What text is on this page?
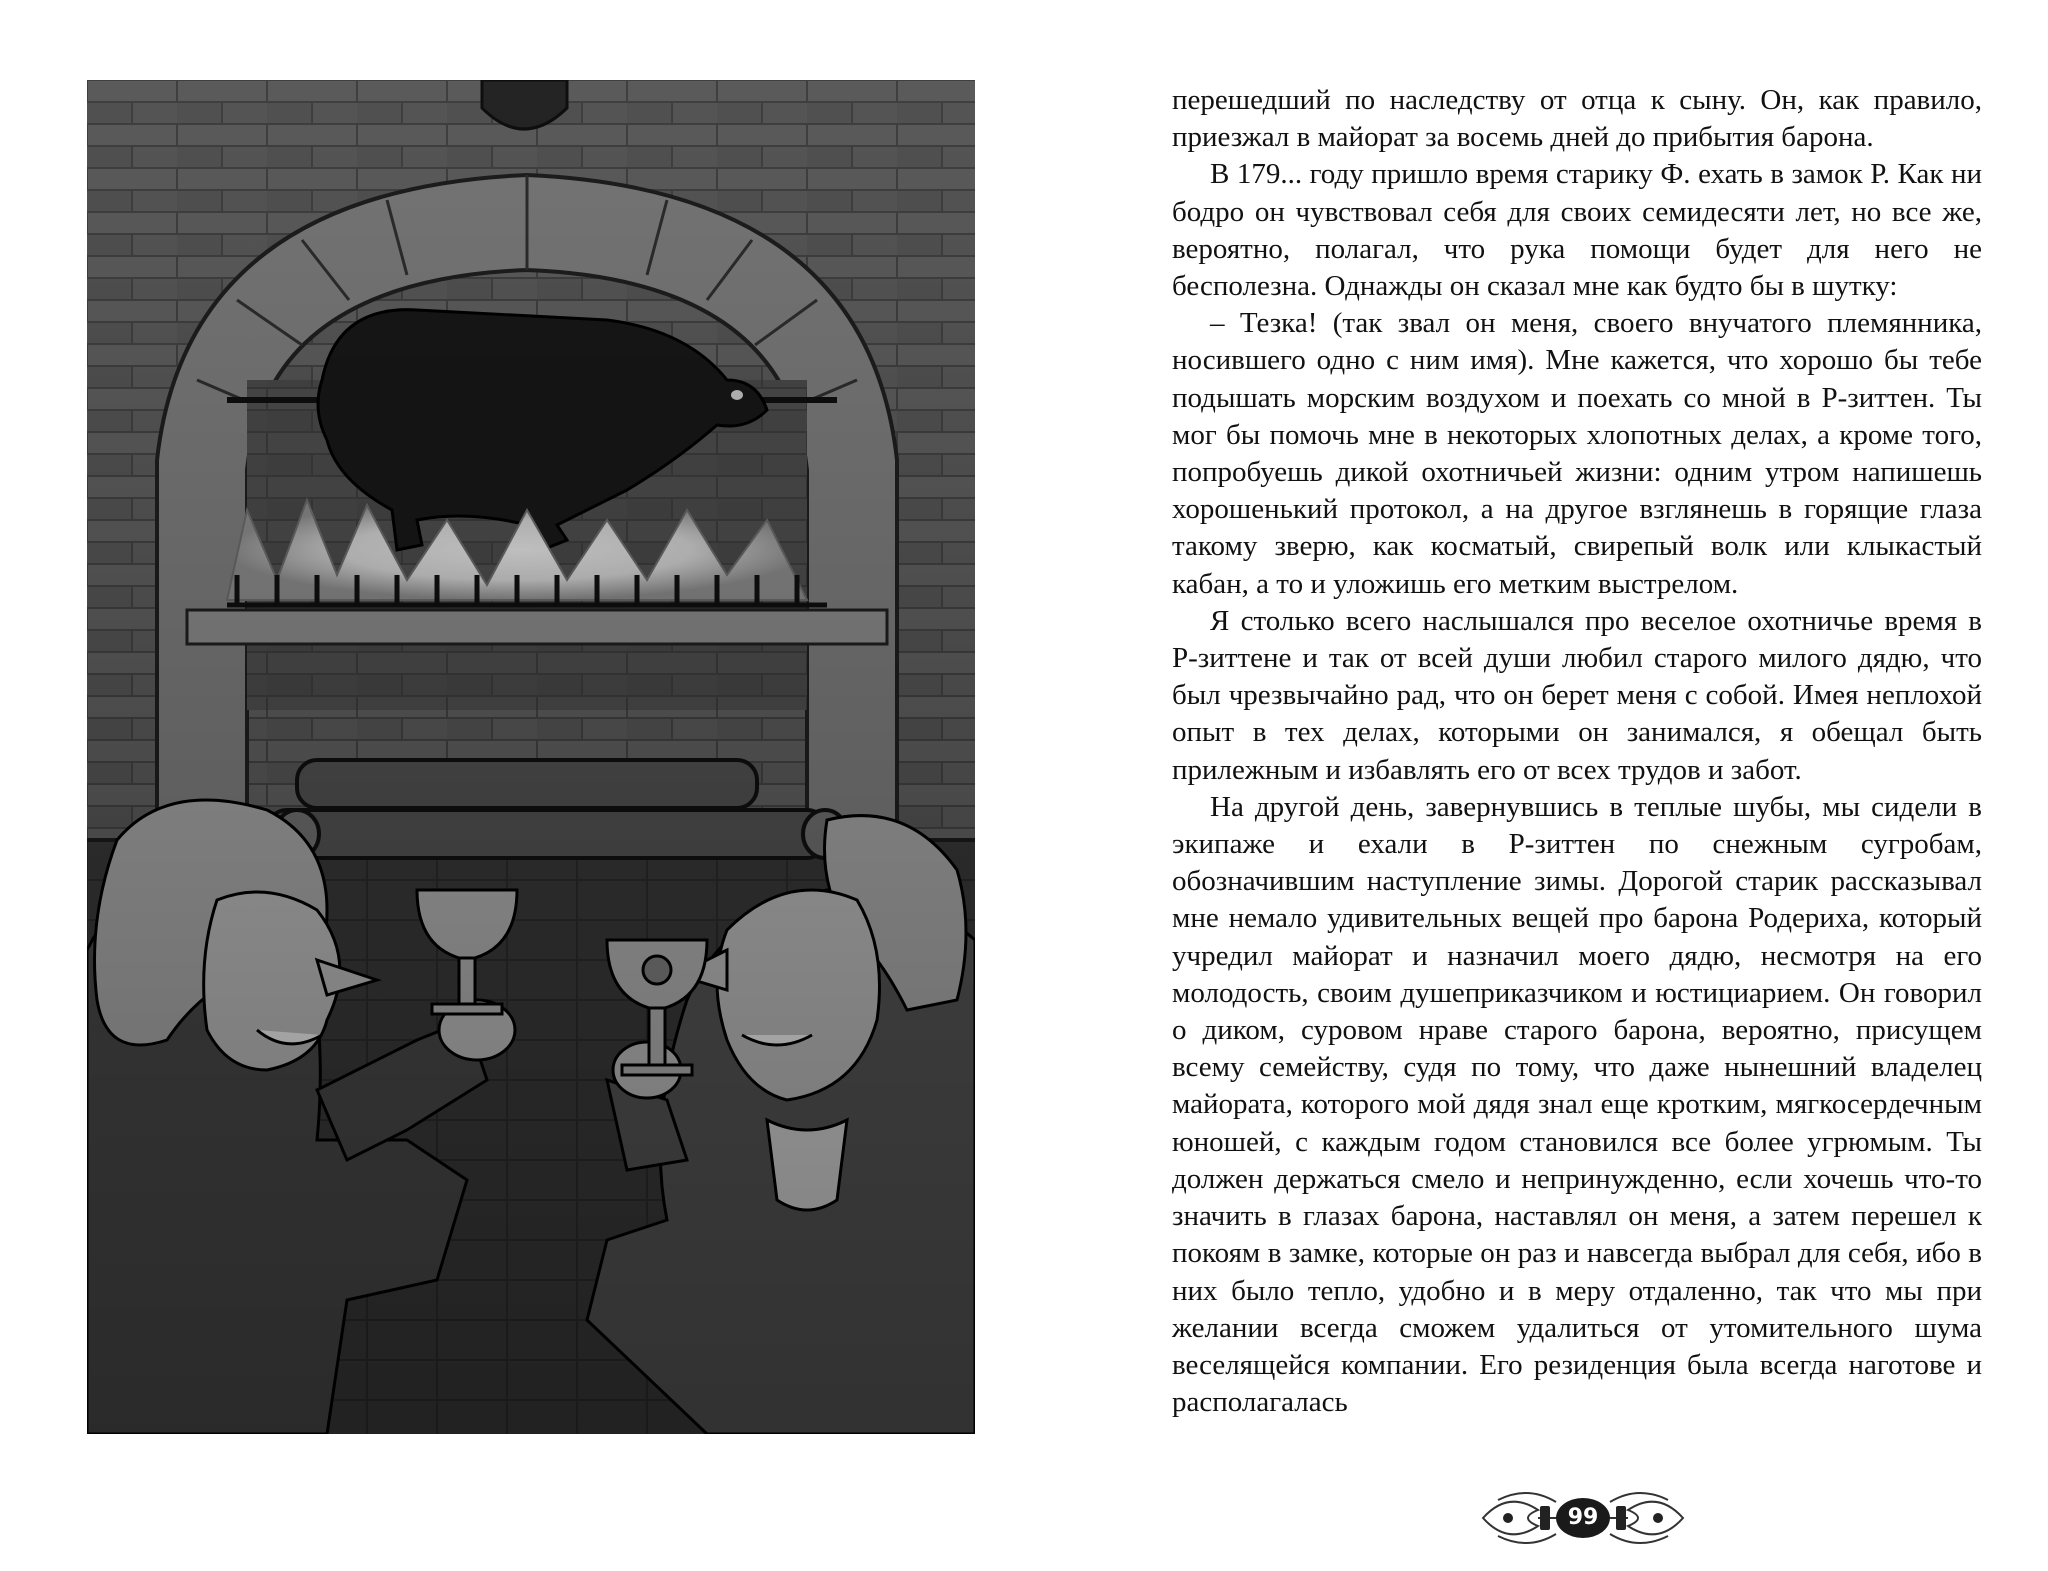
перешедший по наследству от отца к сыну. Он, как правило, приезжал в майорат за восемь дней до прибытия барона.

В 179... году пришло время старику Ф. ехать в замок Р. Как ни бодро он чувствовал себя для своих семидесяти лет, но все же, вероятно, полагал, что рука помощи будет для него не бесполезна. Однажды он сказал мне как будто бы в шутку:

– Тезка! (так звал он меня, своего внучатого племянника, носившего одно с ним имя). Мне кажется, что хорошо бы тебе подышать морским воздухом и поехать со мной в Р-зиттен. Ты мог бы помочь мне в некоторых хлопотных делах, а кроме того, попробуешь дикой охотничьей жизни: одним утром напишешь хорошенький протокол, а на другое взглянешь в горящие глаза такому зверю, как косматый, свирепый волк или клыкастый кабан, а то и уложишь его метким выстрелом.

Я столько всего наслышался про веселое охотничье время в Р-зиттене и так от всей души любил старого милого дядю, что был чрезвычайно рад, что он берет меня с собой. Имея неплохой опыт в тех делах, которыми он занимался, я обещал быть прилежным и избавлять его от всех трудов и забот.

На другой день, завернувшись в теплые шубы, мы сидели в экипаже и ехали в Р-зиттен по снежным сугробам, обозначившим наступление зимы. Дорогой старик рассказывал мне немало удивительных вещей про барона Родериха, который учредил майорат и назначил моего дядю, несмотря на его молодость, своим душеприказчиком и юстициарием. Он говорил о диком, суровом нраве старого барона, вероятно, присущем всему семейству, судя по тому, что даже нынешний владелец майората, которого мой дядя знал еще кротким, мягкосердечным юношей, с каждым годом становился все более угрюмым. Ты должен держаться смело и непринужденно, если хочешь что-то значить в глазах барона, наставлял он меня, а затем перешел к покоям в замке, которые он раз и навсегда выбрал для себя, ибо в них было тепло, удобно и в меру отдаленно, так что мы при желании всегда сможем удалиться от утомительного шума веселящейся компании. Его резиденция была всегда наготове и располагалась

99
